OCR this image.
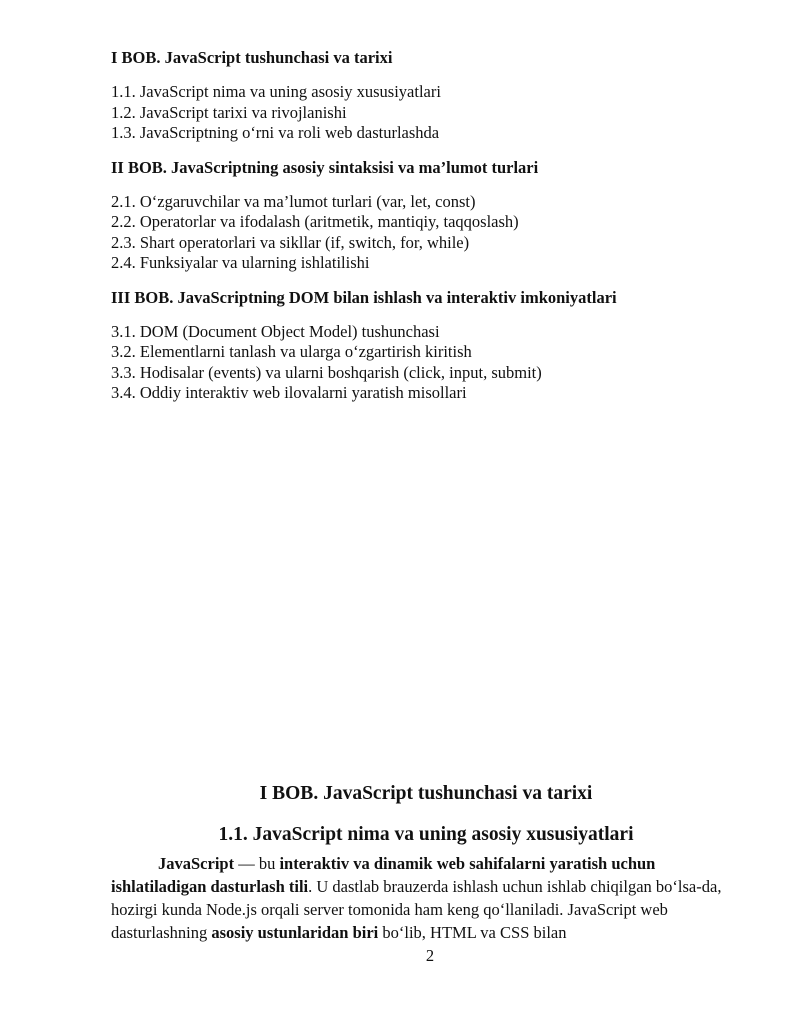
I BOB. JavaScript tushunchasi va tarixi
1.1. JavaScript nima va uning asosiy xususiyatlari
1.2. JavaScript tarixi va rivojlanishi
1.3. JavaScriptning o‘rni va roli web dasturlashda
II BOB. JavaScriptning asosiy sintaksisi va ma’lumot turlari
2.1. O‘zgaruvchilar va ma’lumot turlari (var, let, const)
2.2. Operatorlar va ifodalash (aritmetik, mantiqiy, taqqoslash)
2.3. Shart operatorlari va sikllar (if, switch, for, while)
2.4. Funksiyalar va ularning ishlatilishi
III BOB. JavaScriptning DOM bilan ishlash va interaktiv imkoniyatlari
3.1. DOM (Document Object Model) tushunchasi
3.2. Elementlarni tanlash va ularga o‘zgartirish kiritish
3.3. Hodisalar (events) va ularni boshqarish (click, input, submit)
3.4. Oddiy interaktiv web ilovalarni yaratish misollari
I BOB. JavaScript tushunchasi va tarixi
1.1. JavaScript nima va uning asosiy xususiyatlari

JavaScript — bu interaktiv va dinamik web sahifalarni yaratish uchun ishlatiladigan dasturlash tili. U dastlab brauzerda ishlash uchun ishlab chiqilgan bo‘lsa-da, hozirgi kunda Node.js orqali server tomonida ham keng qo‘llaniladi. JavaScript web dasturlashning asosiy ustunlaridan biri bo‘lib, HTML va CSS bilan

2
